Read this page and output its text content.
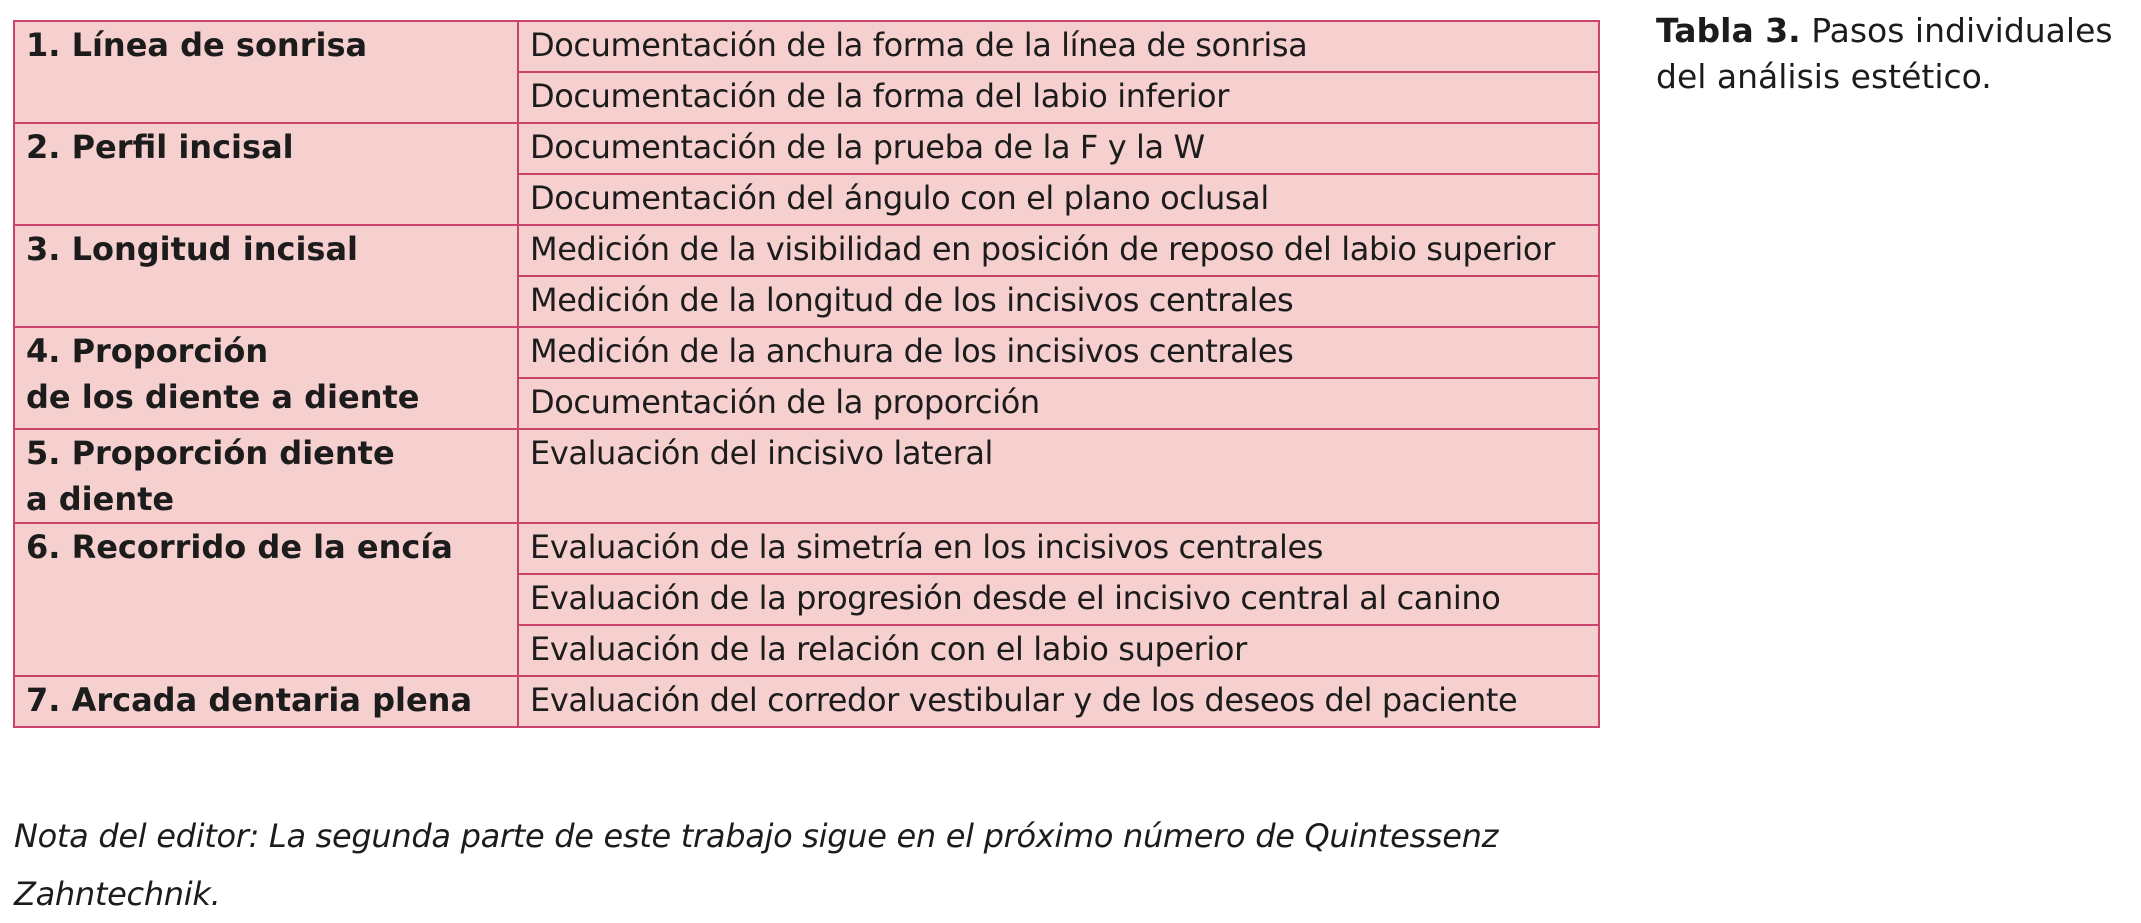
1. Línea de sonrisa	Documentación de la forma de la línea de sonrisa
	Documentación de la forma del labio inferior
2. Perfil incisal	Documentación de la prueba de la F y la W
	Documentación del ángulo con el plano oclusal
3. Longitud incisal	Medición de la visibilidad en posición de reposo del labio superior
	Medición de la longitud de los incisivos centrales
4. Proporción
de los diente a diente	Medición de la anchura de los incisivos centrales
	Documentación de la proporción
5. Proporción diente
a diente	Evaluación del incisivo lateral

6. Recorrido de la encía	Evaluación de la simetría en los incisivos centrales
	Evaluación de la progresión desde el incisivo central al canino
	Evaluación de la relación con el labio superior
7. Arcada dentaria plena	Evaluación del corredor vestibular y de los deseos del paciente
Tabla 3. Pasos individuales del análisis estético.
Nota del editor: La segunda parte de este trabajo sigue en el próximo número de Quintessenz
Zahntechnik.
